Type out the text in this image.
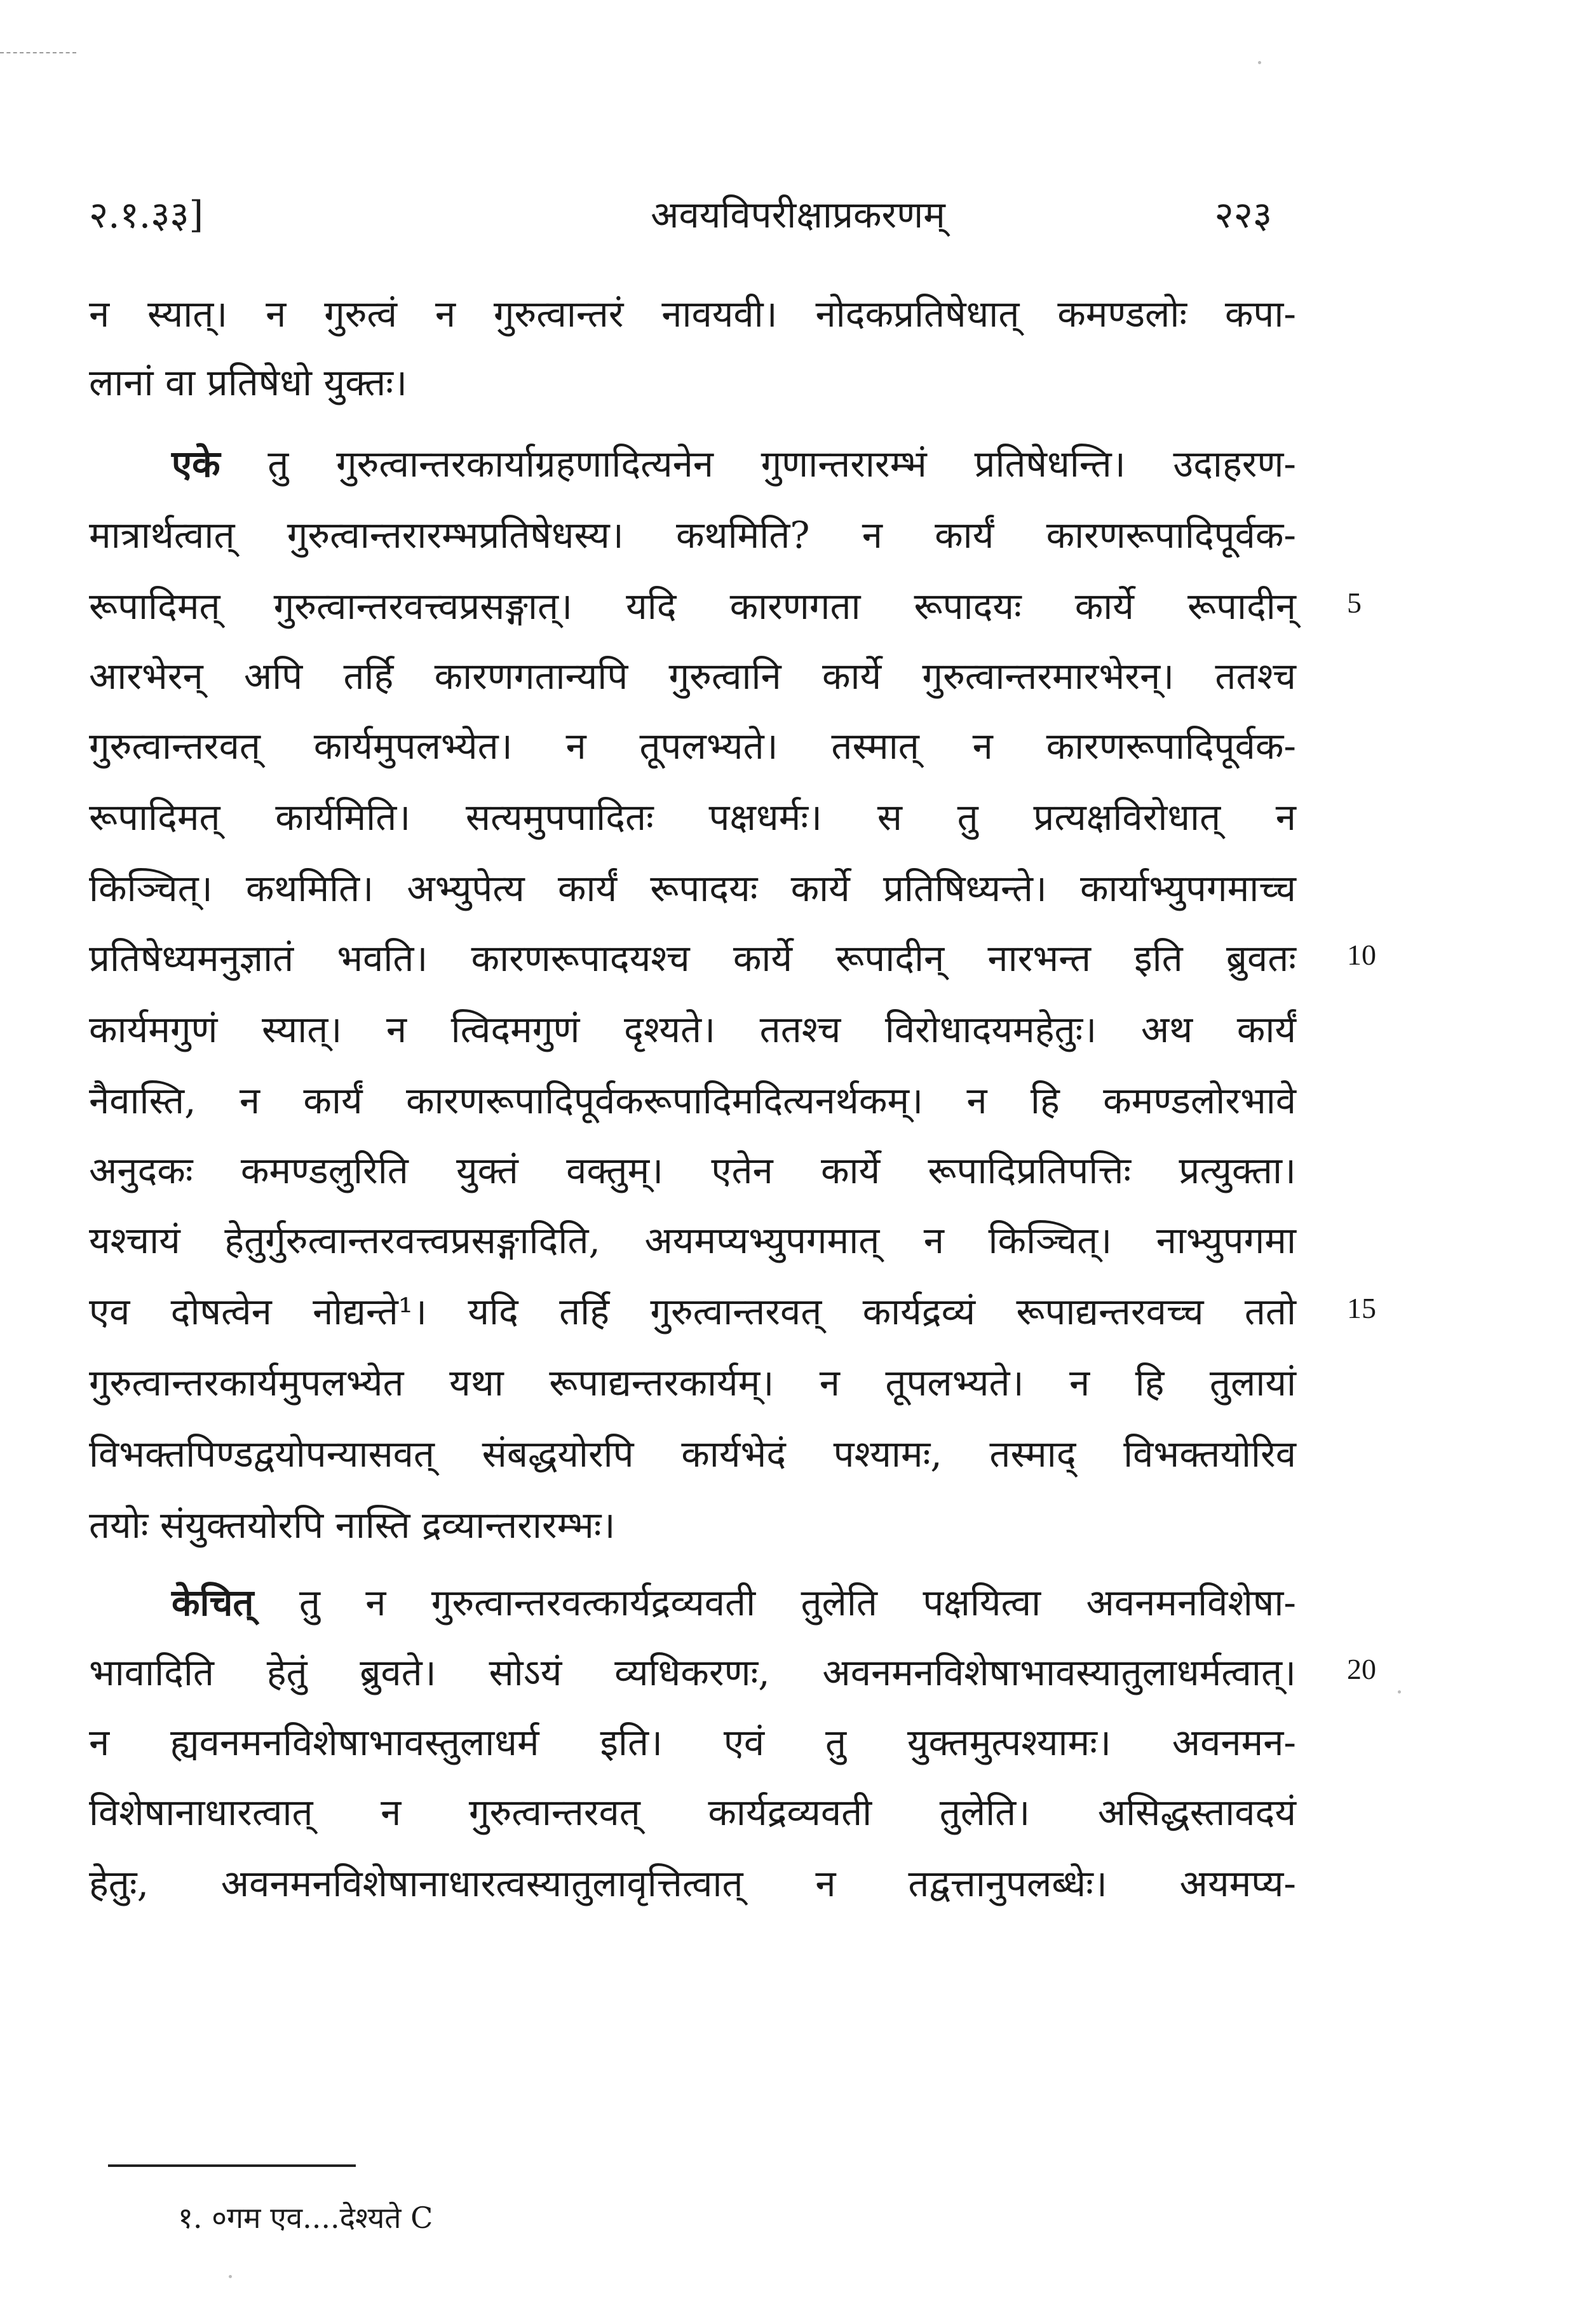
२.१.३३]	अवयविपरीक्षाप्रकरणम्	२२३
न स्यात्। न गुरुत्वं न गुरुत्वान्तरं नावयवी। नोदकप्रतिषेधात् कमण्डलोः कपा-
लानां वा प्रतिषेधो युक्तः।
एके तु गुरुत्वान्तरकार्याग्रहणादित्यनेन गुणान्तरारम्भं प्रतिषेधन्ति। उदाहरण-
मात्रार्थत्वात् गुरुत्वान्तरारम्भप्रतिषेधस्य। कथमिति? न कार्यं कारणरूपादिपूर्वक-
रूपादिमत् गुरुत्वान्तरवत्त्वप्रसङ्गात्। यदि कारणगता रूपादयः कार्ये रूपादीन्
आरभेरन् अपि तर्हि कारणगतान्यपि गुरुत्वानि कार्ये गुरुत्वान्तरमारभेरन्। ततश्च
गुरुत्वान्तरवत् कार्यमुपलभ्येत। न तूपलभ्यते। तस्मात् न कारणरूपादिपूर्वक-
रूपादिमत् कार्यमिति। सत्यमुपपादितः पक्षधर्मः। स तु प्रत्यक्षविरोधात् न
किञ्चित्। कथमिति। अभ्युपेत्य कार्यं रूपादयः कार्ये प्रतिषिध्यन्ते। कार्याभ्युपगमाच्च
प्रतिषेध्यमनुज्ञातं भवति। कारणरूपादयश्च कार्ये रूपादीन् नारभन्त इति ब्रुवतः
कार्यमगुणं स्यात्। न त्विदमगुणं दृश्यते। ततश्च विरोधादयमहेतुः। अथ कार्यं
नैवास्ति, न कार्यं कारणरूपादिपूर्वकरूपादिमदित्यनर्थकम्। न हि कमण्डलोरभावे
अनुदकः कमण्डलुरिति युक्तं वक्तुम्। एतेन कार्ये रूपादिप्रतिपत्तिः प्रत्युक्ता।
यश्चायं हेतुर्गुरुत्वान्तरवत्त्वप्रसङ्गादिति, अयमप्यभ्युपगमात् न किञ्चित्। नाभ्युपगमा
एव दोषत्वेन नोद्यन्ते¹। यदि तर्हि गुरुत्वान्तरवत् कार्यद्रव्यं रूपाद्यन्तरवच्च ततो
गुरुत्वान्तरकार्यमुपलभ्येत यथा रूपाद्यन्तरकार्यम्। न तूपलभ्यते। न हि तुलायां
विभक्तपिण्डद्वयोपन्यासवत् संबद्धयोरपि कार्यभेदं पश्यामः, तस्माद् विभक्तयोरिव
तयोः संयुक्तयोरपि नास्ति द्रव्यान्तरारम्भः।
केचित् तु न गुरुत्वान्तरवत्कार्यद्रव्यवती तुलेति पक्षयित्वा अवनमनविशेषा-
भावादिति हेतुं ब्रुवते। सोऽयं व्यधिकरणः, अवनमनविशेषाभावस्यातुलाधर्मत्वात्।
न ह्यवनमनविशेषाभावस्तुलाधर्म इति। एवं तु युक्तमुत्पश्यामः। अवनमन-
विशेषानाधारत्वात् न गुरुत्वान्तरवत् कार्यद्रव्यवती तुलेति। असिद्धस्तावदयं
हेतुः, अवनमनविशेषानाधारत्वस्यातुलावृत्तित्वात् न तद्वत्तानुपलब्धेः। अयमप्य-
१. ०गम एव....देश्यते C
5
10
15
20
